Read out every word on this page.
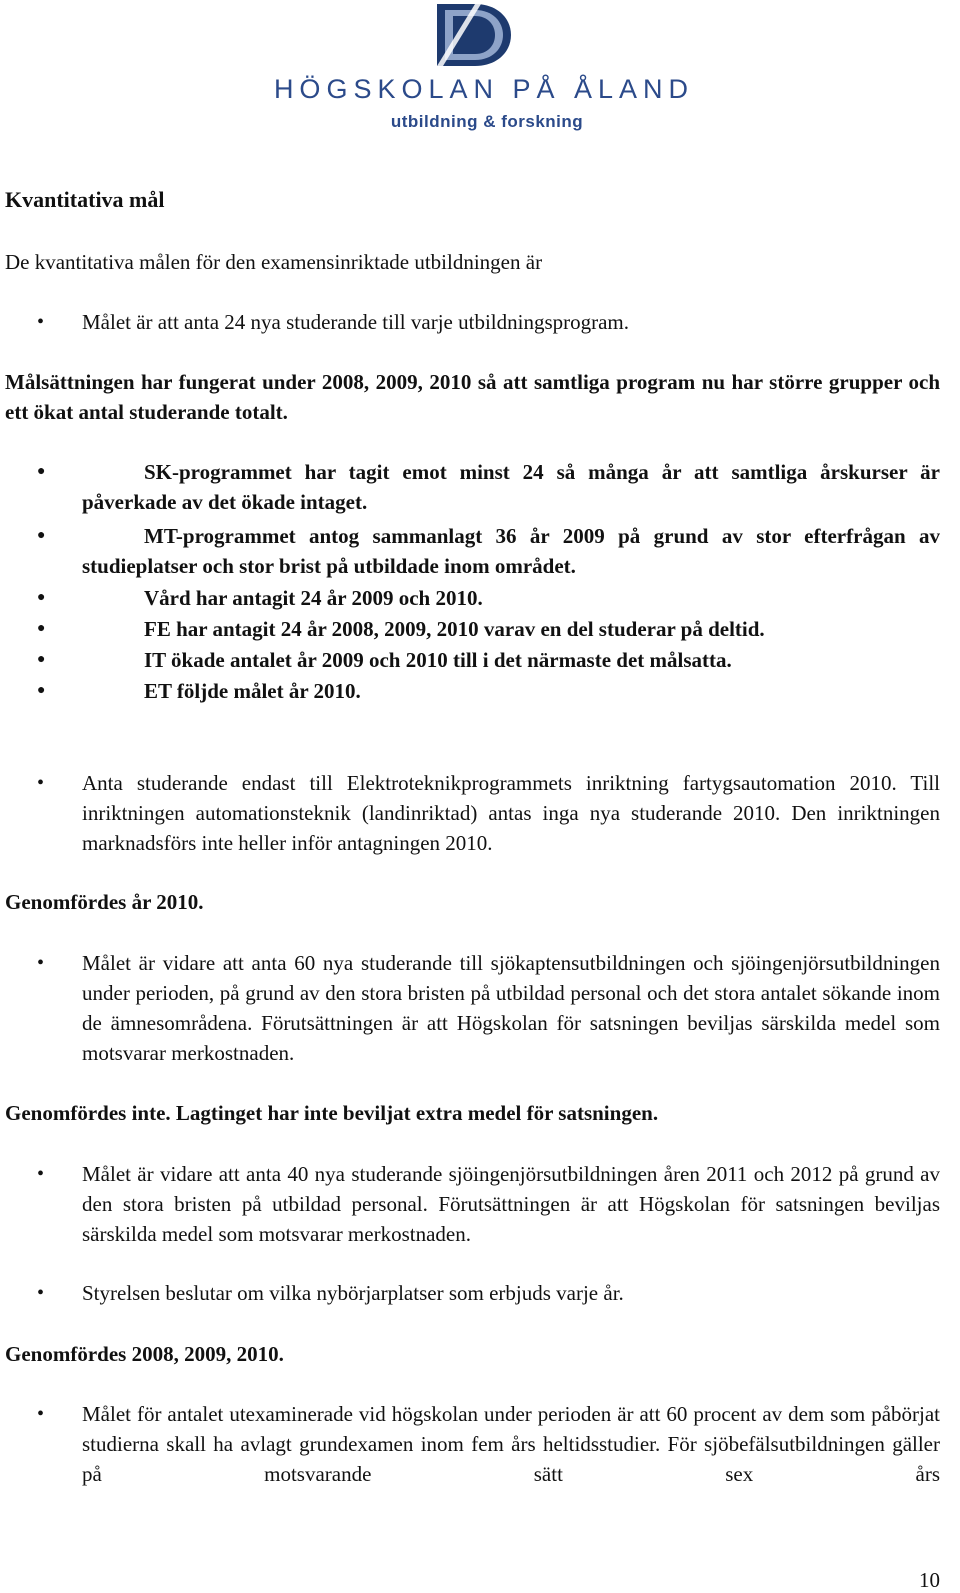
HÖGSKOLAN PÅ ÅLAND
utbildning & forskning
Kvantitativa mål

De kvantitativa målen för den examensinriktade utbildningen är

• Målet är att anta 24 nya studerande till varje utbildningsprogram.

Målsättningen har fungerat under 2008, 2009, 2010 så att samtliga program nu har större grupper och ett ökat antal studerande totalt.

●	SK-programmet har tagit emot minst 24 så många år att samtliga årskurser är påverkade av det ökade intaget.

●	MT-programmet antog sammanlagt 36 år 2009 på grund av stor efterfrågan av studieplatser och stor brist på utbildade inom området.

●	Vård har antagit 24 år 2009 och 2010.

●	FE har antagit 24 år 2008, 2009, 2010 varav en del studerar på deltid.

●	IT ökade antalet år 2009 och 2010 till i det närmaste det målsatta.

●	ET följde målet år 2010.

• Anta studerande endast till Elektroteknikprogrammets inriktning fartygsautomation 2010. Till inriktningen automationsteknik (landinriktad) antas inga nya studerande 2010. Den inriktningen marknadsförs inte heller inför antagningen 2010.

Genomfördes år 2010.

• Målet är vidare att anta 60 nya studerande till sjökaptensutbildningen och sjöingenjörsutbildningen under perioden, på grund av den stora bristen på utbildad personal och det stora antalet sökande inom de ämnesområdena. Förutsättningen är att Högskolan för satsningen beviljas särskilda medel som motsvarar merkostnaden.

Genomfördes inte. Lagtinget har inte beviljat extra medel för satsningen.

• Målet är vidare att anta 40 nya studerande sjöingenjörsutbildningen åren 2011 och 2012 på grund av den stora bristen på utbildad personal. Förutsättningen är att Högskolan för satsningen beviljas särskilda medel som motsvarar merkostnaden.

• Styrelsen beslutar om vilka nybörjarplatser som erbjuds varje år.

Genomfördes 2008, 2009, 2010.

• Målet för antalet utexaminerade vid högskolan under perioden är att 60 procent av dem som påbörjat studierna skall ha avlagt grundexamen inom fem års heltidsstudier. För sjöbefälsutbildningen gäller på motsvarande sätt sex års

10
